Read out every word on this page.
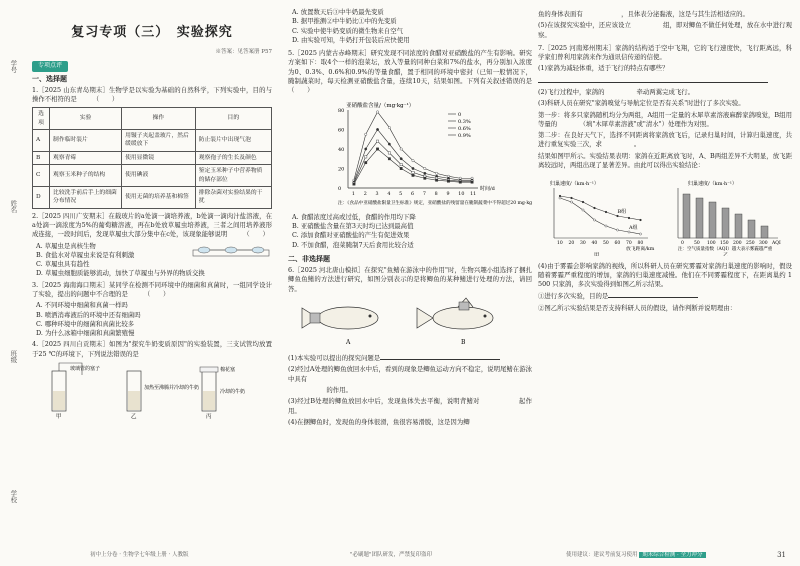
学号
姓名
班级
学校
复习专项（三）　实验探究
※答案：见答案册 P57
专项点评
一、选择题
1.［2025 山东青岛期末］生物学是以实验为基础的自然科学，下列实验中，目的与操作不相符的是　　　（　　）
选项	实验	操作	目的
A	制作临时装片	用镊子夹起盖玻片，然后缓缓放下	防止装片中出现气泡
B	观察青霉	使用显微镜	观察孢子的生长及颜色
C	观察玉米种子的结构	使用碘液	鉴定玉米种子中营养物质的储存部位
D	比较洗手前后手上的细菌分布情况	使用无菌的培养基和棉签	排除杂菌对实验结果的干扰
2.［2025 四川广安期末］在载玻片的a处滴一滴培养液，b处滴一滴肉汁盐溶液，在a处滴一滴浓度为5%的葡萄糖溶液，再在b处放草履虫培养液，三者之间用培养液形成连接，一段时间后，发现草履虫大部分集中在c处，该现象能够说明　　　（　　）
A. 草履虫是真核生物
B. 食盐水对草履虫来说是有利刺激
C. 草履虫具有趋性
D. 草履虫细胞质能够流动，加快了草履虫与外界的物质交换
3.［2025 海南海口期末］某同学在检测不同环境中的细菌和真菌时，一组同学设计了实验，提出的问题中不合理的是　　　（　　）
A. 不同环境中细菌和真菌一样吗
B. 喷洒消毒液后的环境中还有细菌吗
C. 哪种环境中的细菌和真菌比较多
D. 为什么冰箱中细菌和真菌繁殖慢
4.［2025 四川自贡期末］如图为"探究牛奶变质原因"的实验装置，三支试管均放置于25 ℃的环境下，下列说法错误的是
玻璃管的塞子
加热至沸腾并冷却的牛奶
棉花塞
冷却的牛奶
甲	乙	丙
A. 放置数天后③中牛奶最先变质
B. 据甲推测②中牛奶比①中的先变质
C. 实验中使牛奶变质的微生物来自空气
D. 由实验可知，牛奶打开包装后应快使用
5.［2025 内蒙古赤峰期末］研究发现不同浓度的食醋对亚硝酸盐的产生有影响。研究方案如下：取4个一样的泡菜坛，放入等量的同种白菜和7%的盐水，再分别加入浓度为0、0.3%、0.6%和0.9%的等量食醋，置于相同的环境中密封（已知一般情况下，腌制蔬菜时，每天检测亚硝酸盐含量，连续10天，结果如图。下列有关叙述错误的是　　　（　　）
亚硝酸盐含量/（mg·kg⁻¹）
时间/d
0
20
40
60
80
1 2 3 4 5 6 7 8 9 10 11
0
0.3%
0.6%
0.9%
注：《食品中亚硝酸盐限量卫生标准》规定，亚硝酸盐的残留量在腌制蔬菜中不得超过20 mg·kg⁻¹
A. 食醋浓度过高或过低，食醋的作用均下降
B. 亚硝酸盐含量在第3天时均已达到最高值
C. 添加食醋对亚硝酸盐的产生有促进效果
D. 不加食醋，泡菜腌制7天后食用比较合适
二、非选择题
6.［2025 河北唐山模拟］在探究"鱼鳍在游泳中的作用"时，生物兴趣小组选择了捆扎鲫鱼鱼鳍的方法进行研究，如图分别表示的是将鲫鱼的某种鳍进行处理的方法，请回答。
A	B
(1)本实验可以提出的探究问题是
(2)经过A处理的鲫鱼放回水中后，看到的现象是鲫鱼运动方向不稳定，说明尾鳍在游泳中具有
　　　　　　的作用。
(3)经过B处理的鲫鱼放回水中后，发现鱼体失去平衡，说明背鳍对　　　　　　起作用。
(4)在捆鲫鱼时，发现鱼的身体很滑，鱼很容易滑脱，这是因为鲫
鱼的身体表面有　　　　　　，且体表分泌黏液，这是与其生活相适应的。
(5)在该探究实验中，还应该设立　　　　　组，即对鲫鱼不做任何处理，放在水中进行观察。
7.［2025 河南郑州期末］家鸽的结构适于空中飞翔，它的飞行速度快，飞行距离远，科学家们曾利用家鸽来作为通讯信传递的信使。
(1)家鸽为减轻体重，适于飞行的特点有哪些？
(2)飞行过程中，家鸽的　　　　　牵动两翼完成飞行。
(3)科研人员在研究"家鸽嗅觉与导航定位是否有关系"时进行了多次实验。
第一步：将多只家鸽随机均分为两组，A组用一定量的木犀草素溶液麻醉家鸽嗅觉，B组用等量的　　　　（填"木犀草素溶液"或"清水"）处理作为对照。
第二步：在良好天气下，选择不同距离将家鸽放飞后，记录归巢时间，计算归巢速度，共进行重复实验三次，求　　　　　。
结果如图甲所示。实验结果表明：家鸽在近距离放飞时，A、B两组差异不大明显，放飞距离较远时，两组出现了显著差异。由此可以得出实验结论：
归巢速度/（km·h⁻¹）
B组
A组
10 20 30 40 50 60 70 80
放飞距离/km
甲
归巢速度/（km·h⁻¹）
0 50 100 150 200 250 300 AQI
注：空气质量指数（AQI）越大表示雾霾越严重
乙
(4)由于雾霾会影响家鸽的视线，所以科研人员在研究雾霾对家鸽归巢速度的影响时，假设随着雾霾严重程度的增加，家鸽的归巢速度减慢。他们在不同雾霾程度下，在距离巢约 1 500 只家鸽，多次实验得到如图乙所示结果。
①进行多次实验，目的是
②图乙所示实验结果是否支持科研人员的假设，请作判断并说明理由：
初中上分卷 · 生物学七年级上册 · 人教版	"必刷题"团队研发，严禁复印盗印	使用建议：建议考前复习使用 期末综合检测 · 全力冲分	31
